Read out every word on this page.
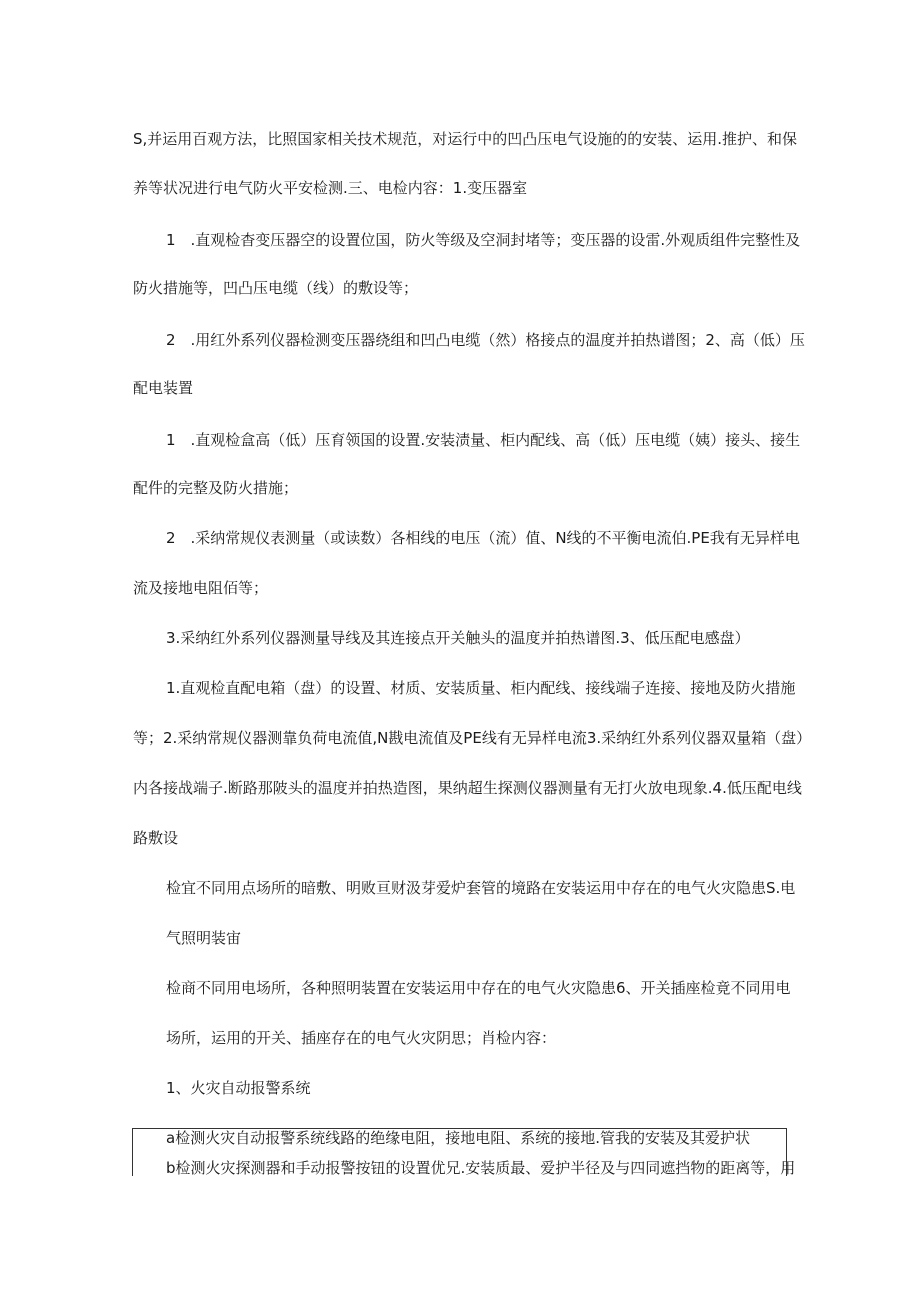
S,并运用百观方法，比照国家相关技术规范，对运行中的凹凸压电气设施的的安装、运用.推护、和保
养等状况进行电气防火平安检测.三、电检内容：1.变压器室
1　.直观检杳变压器空的设置位国，防火等级及空洞封堵等；变压器的设雷.外观质组件完整性及
防火措施等，凹凸压电缆（线）的敷设等；
2　.用红外系列仪器检测变压器绕组和凹凸电缆（然）格接点的温度并拍热谱图；2、高（低）压
配电装置
1　.直观检盒高（低）压育领国的设置.安装渍量、柜内配线、高（低）压电缆（姨）接头、接生
配件的完整及防火措施；
2　.采纳常规仪表测量（或读数）各相线的电压（流）值、N线的不平衡电流伯.PE我有无异样电
流及接地电阻佰等；
3.采纳红外系列仪器测量导线及其连接点开关触头的温度并拍热谱图.3、低压配电感盘）
1.直观检直配电箱（盘）的设置、材质、安装质量、柜内配线、接线端子连接、接地及防火措施
等；2.采纳常规仪器测靠负荷电流值,N戡电流值及PE线有无异样电流3.采纳红外系列仪器双量箱（盘）
内各接战端子.断路那陂头的温度并拍热造图，果纳超生探测仪器测量有无打火放电现象.4.低压配电线
路敷设
检宜不同用点场所的暗敷、明败亘财汲芽爱炉套管的境路在安装运用中存在的电气火灾隐患S.电
气照明装宙
检商不同用电场所，各种照明装置在安装运用中存在的电气火灾隐患6、开关插座检竟不同用电
场所，运用的开关、插座存在的电气火灾阴思；肖检内容：
1、火灾自动报警系统
a检测火灾自动报警系统线路的绝缘电阻，接地电阻、系统的接地.管我的安装及其爱护状
b检测火灾探测器和手动报警按钮的设置优兄.安装质最、爱护半径及与四同遮挡物的距离等，用
